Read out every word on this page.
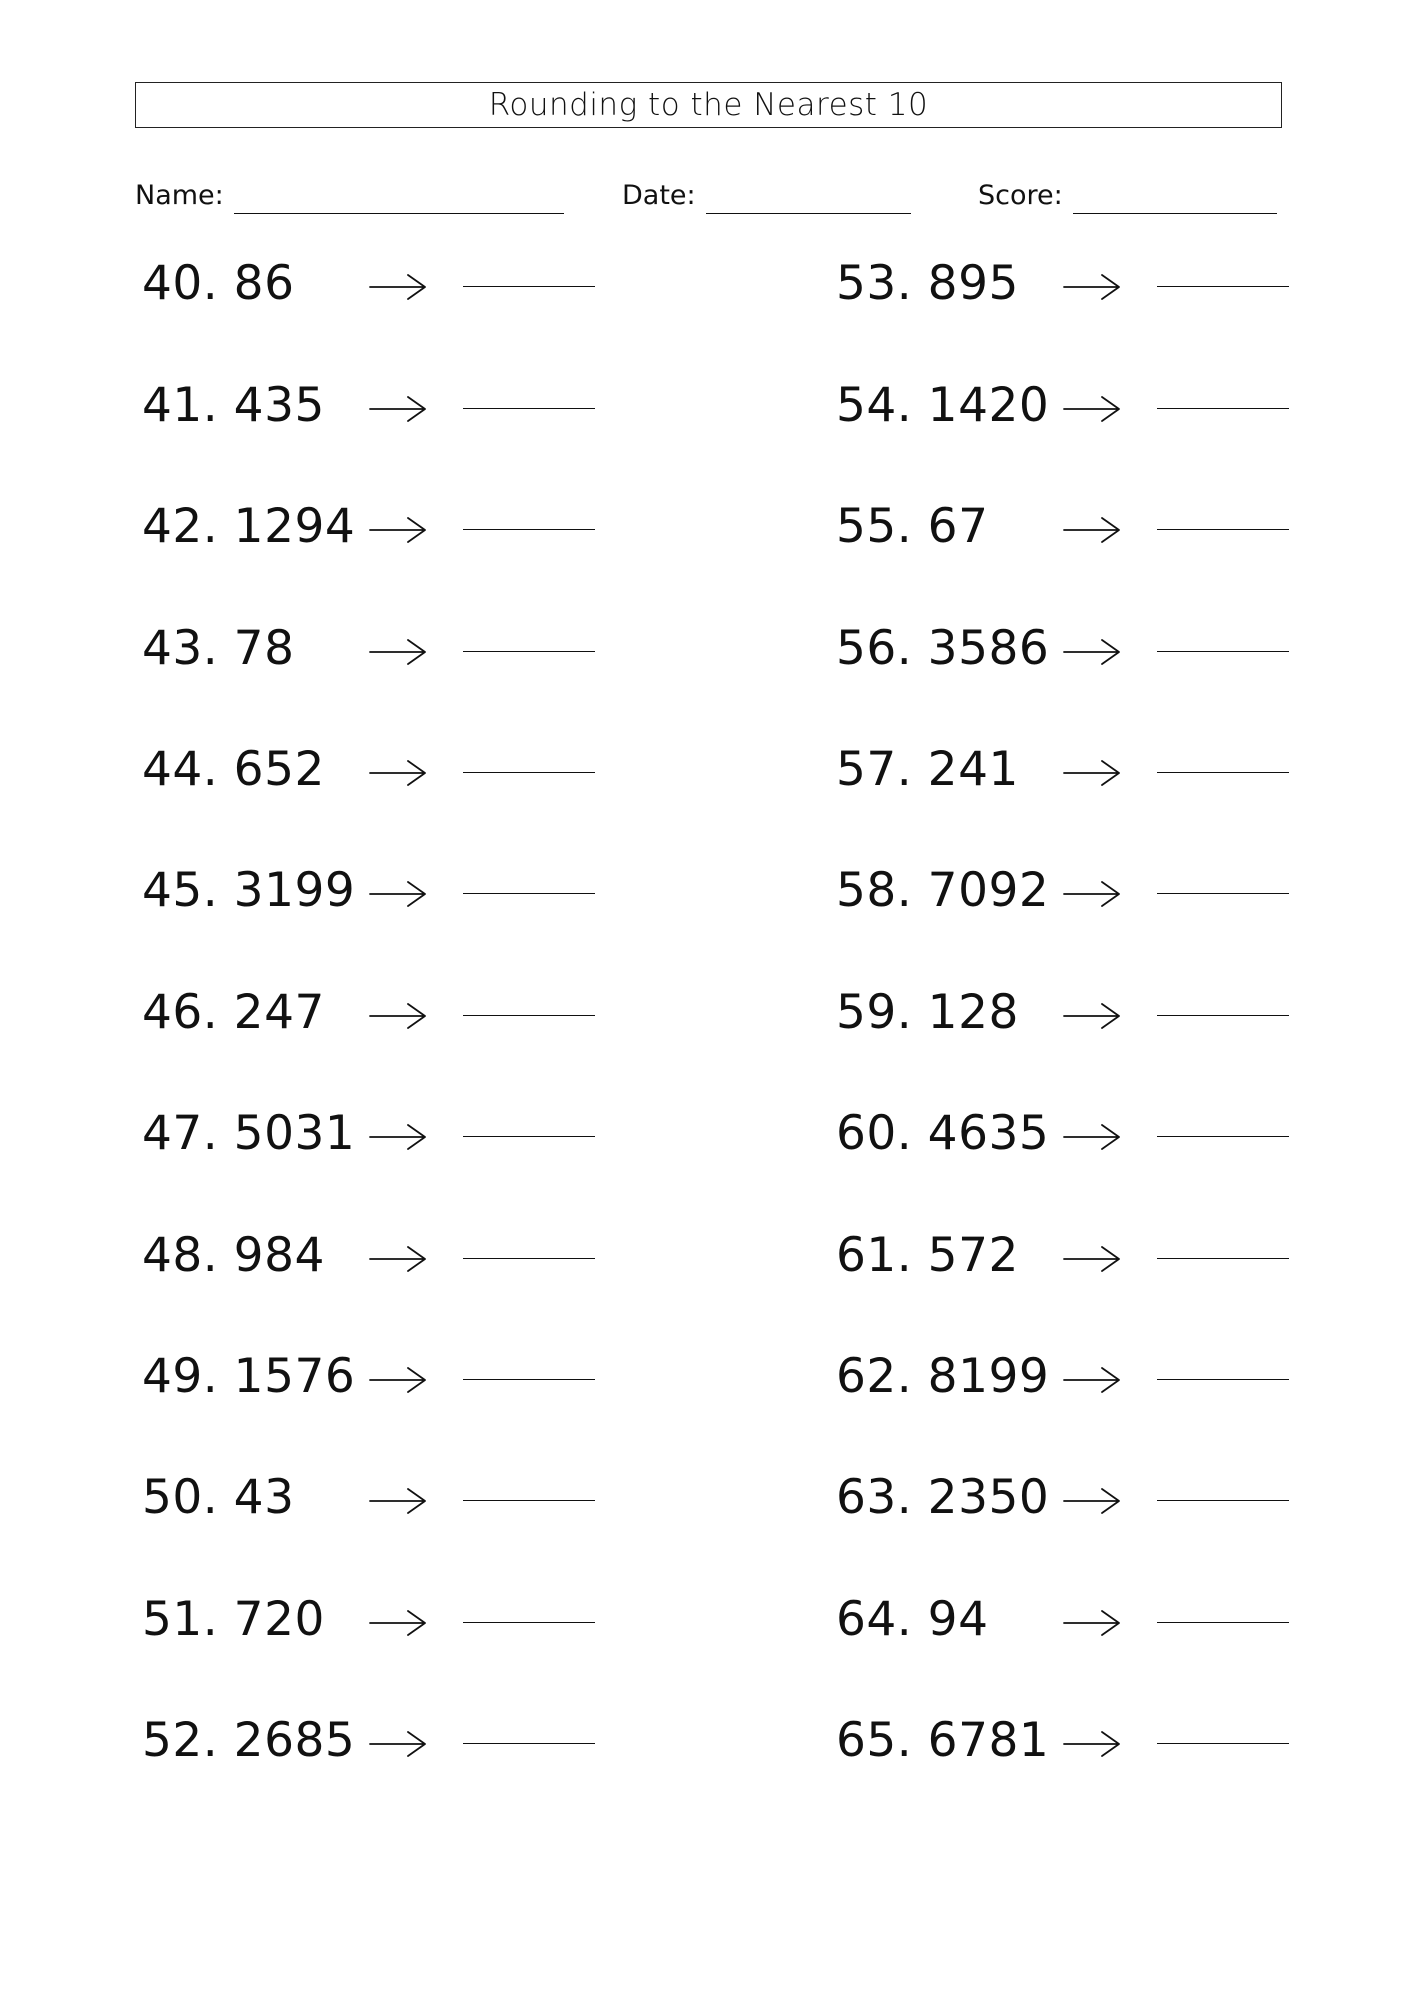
Rounding to the Nearest 10
Name:	Date:	Score:
40. 86
41. 435
42. 1294
43. 78
44. 652
45. 3199
46. 247
47. 5031
48. 984
49. 1576
50. 43
51. 720
52. 2685
53. 895
54. 1420
55. 67
56. 3586
57. 241
58. 7092
59. 128
60. 4635
61. 572
62. 8199
63. 2350
64. 94
65. 6781
